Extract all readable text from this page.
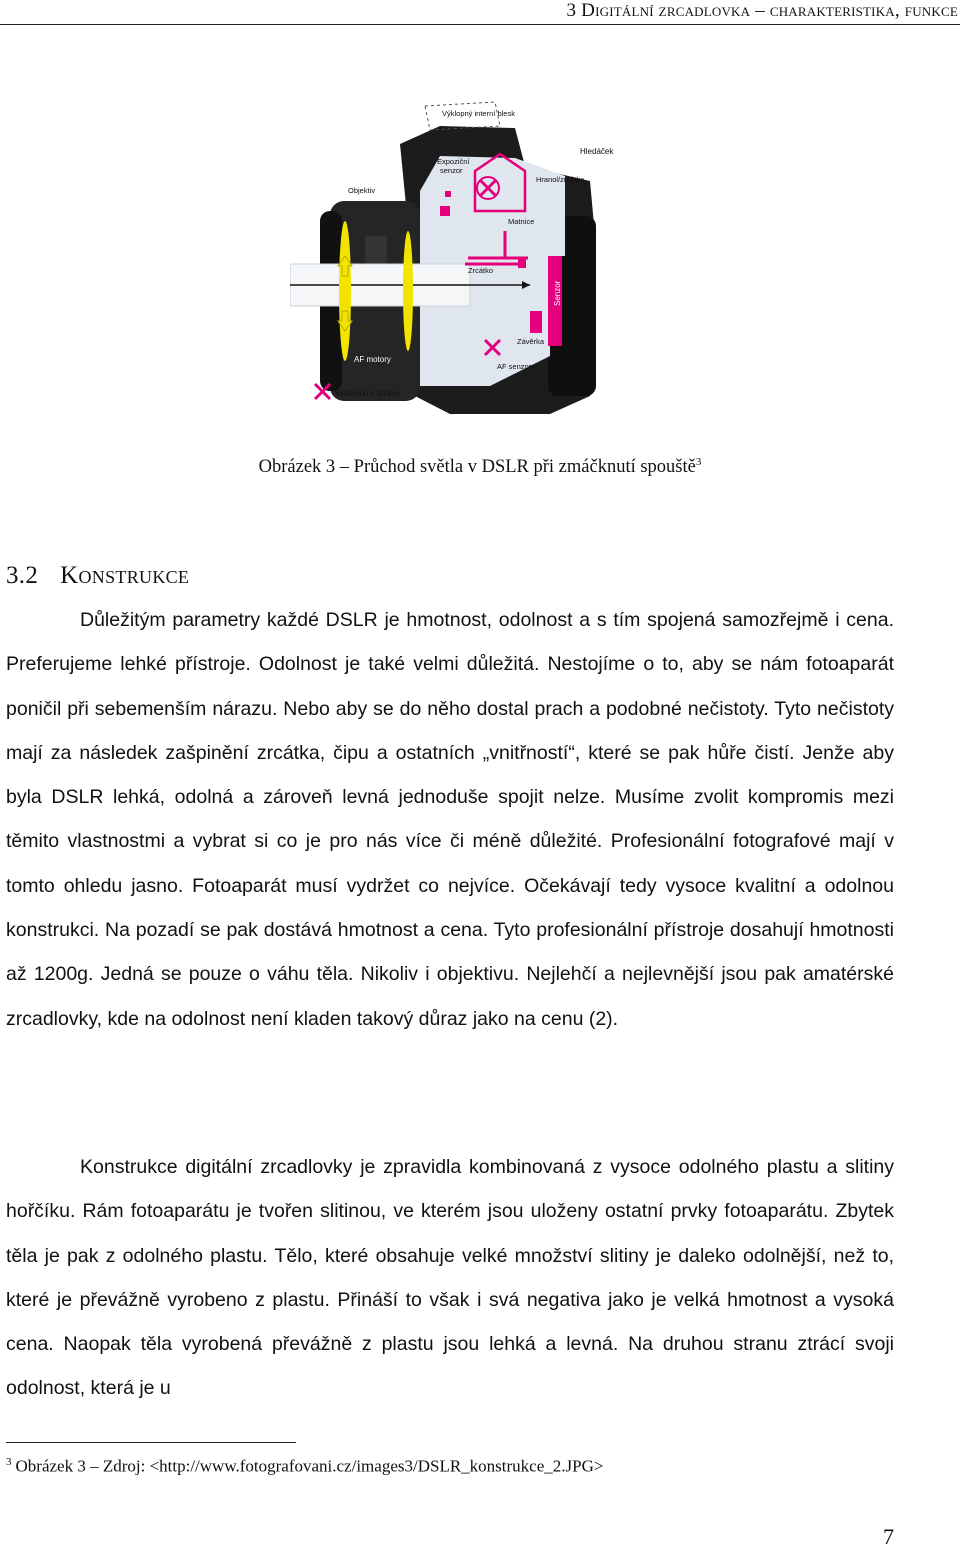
3 Digitální zrcadlovka – charakteristika, funkce
Výklopný interní blesk
Hledáček
Expoziční
senzor
Objektiv
Hranol/zrcátka
Matnice
Zrcátko
Senzor
Závěrka
AF senzory
AF motory
Vyřazeno z funkce
Obrázek 3 – Průchod světla v DSLR při zmáčknutí spouště$^3$
3.2 Konstrukce

Důležitým parametry každé DSLR je hmotnost, odolnost a s tím spojená samozřejmě i cena. Preferujeme lehké přístroje. Odolnost je také velmi důležitá. Nestojíme o to, aby se nám fotoaparát poničil při sebemenším nárazu. Nebo aby se do něho dostal prach a podobné nečistoty. Tyto nečistoty mají za následek zašpinění zrcátka, čipu a ostatních „vnitřností“, které se pak hůře čistí. Jenže aby byla DSLR lehká, odolná a zároveň levná jednoduše spojit nelze. Musíme zvolit kompromis mezi těmito vlastnostmi a vybrat si co je pro nás více či méně důležité. Profesionální fotografové mají v tomto ohledu jasno. Fotoaparát musí vydržet co nejvíce. Očekávají tedy vysoce kvalitní a odolnou konstrukci. Na pozadí se pak dostává hmotnost a cena. Tyto profesionální přístroje dosahují hmotnosti až 1200g. Jedná se pouze o váhu těla. Nikoliv i objektivu. Nejlehčí a nejlevnější jsou pak amatérské zrcadlovky, kde na odolnost není kladen takový důraz jako na cenu (2).

Konstrukce digitální zrcadlovky je zpravidla kombinovaná z vysoce odolného plastu a slitiny hořčíku. Rám fotoaparátu je tvořen slitinou, ve kterém jsou uloženy ostatní prvky fotoaparátu. Zbytek těla je pak z odolného plastu. Tělo, které obsahuje velké množství slitiny je daleko odolnější, než to, které je převážně vyrobeno z plastu. Přináší to však i svá negativa jako je velká hmotnost a vysoká cena. Naopak těla vyrobená převážně z plastu jsou lehká a levná. Na druhou stranu ztrácí svoji odolnost, která je u

$^3$ Obrázek 3 – Zdroj: <http://www.fotografovani.cz/images3/DSLR_konstrukce_2.JPG>
7
